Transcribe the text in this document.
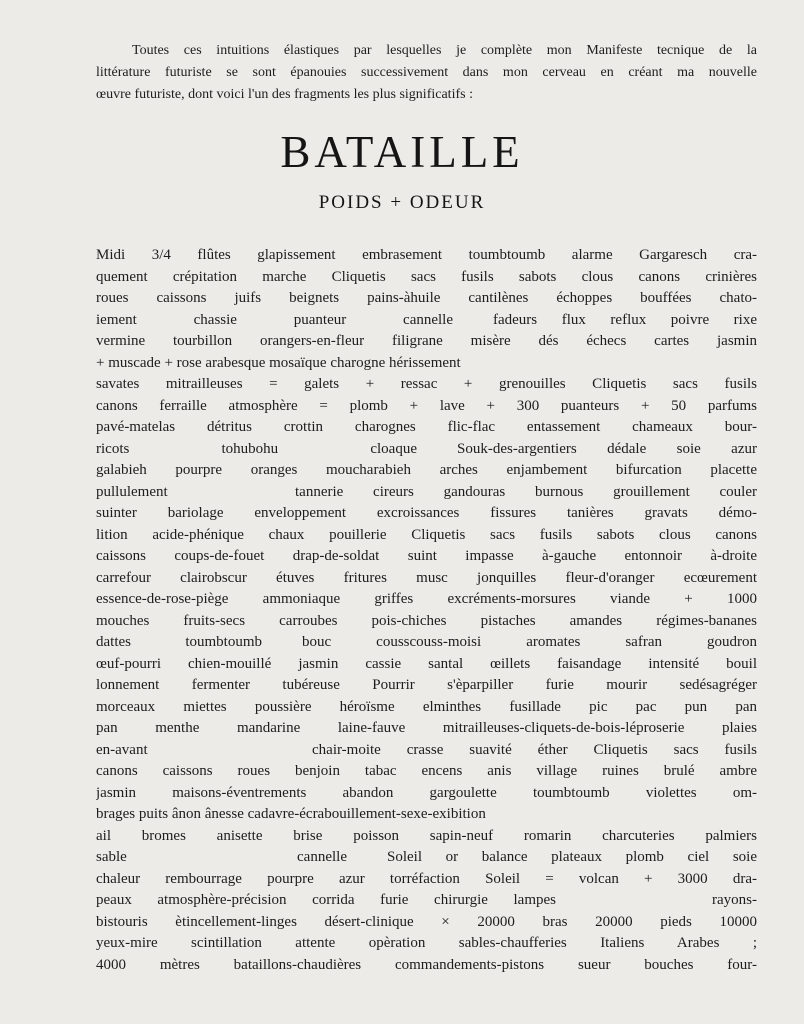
Toutes ces intuitions élastiques par lesquelles je complète mon Manifeste tecnique de la
littérature futuriste se sont épanouies successivement dans mon cerveau en créant ma nouvelle
œuvre futuriste, dont voici l'un des fragments les plus significatifs :
BATAILLE
POIDS + ODEUR
Midi 3/4 flûtes glapissement embrasement toumbtoumb alarme Gargaresch cra-
quement crépitation marche Cliquetis sacs fusils sabots clous canons crinières
roues caissons juifs beignets pains-àhuile cantilènes échoppes bouffées chato-
iement chassie puanteur cannelle	fadeurs flux reflux poivre rixe
vermine tourbillon orangers-en-fleur filigrane misère dés échecs cartes jasmin
+ muscade + rose arabesque mosaïque charogne hérissement
savates mitrailleuses = galets + ressac + grenouilles Cliquetis sacs fusils
canons ferraille atmosphère = plomb + lave + 300 puanteurs + 50 parfums
pavé-matelas détritus crottin charognes flic-flac entassement chameaux bour-
ricots tohubohu cloaque	Souk-des-argentiers dédale soie azur
galabieh pourpre oranges moucharabieh arches enjambement bifurcation placette
pullulement	tannerie cireurs gandouras burnous grouillement couler
suinter bariolage enveloppement excroissances fissures tanières gravats démo-
lition acide-phénique chaux pouillerie Cliquetis sacs fusils sabots clous canons
caissons coups-de-fouet drap-de-soldat suint impasse à-gauche entonnoir à-droite
carrefour clairobscur étuves fritures musc jonquilles fleur-d'oranger ecœurement
essence-de-rose-piège ammoniaque griffes excréments-morsures viande + 1000
mouches fruits-secs carroubes pois-chiches pistaches amandes régimes-bananes
dattes toumbtoumb	bouc cousscouss-moisi aromates safran goudron
œuf-pourri chien-mouillé jasmin cassie santal œillets faisandage intensité bouil
lonnement fermenter tubéreuse Pourrir s'èparpiller furie mourir sedésagréger
morceaux miettes poussière héroïsme elminthes fusillade pic pac pun pan
pan menthe mandarine laine-fauve mitrailleuses-cliquets-de-bois-léproserie plaies
en-avant	chair-moite crasse suavité éther Cliquetis sacs fusils
canons caissons roues benjoin tabac encens anis village ruines brulé ambre
jasmin maisons-éventrements abandon gargoulette toumbtoumb violettes om-
brages puits ânon ânesse cadavre-écrabouillement-sexe-exibition
ail bromes anisette brise poisson sapin-neuf romarin charcuteries palmiers
sable cannelle	Soleil or balance plateaux plomb ciel soie
chaleur rembourrage pourpre azur torréfaction Soleil = volcan + 3000 dra-
peaux atmosphère-précision corrida furie chirurgie lampes	rayons-
bistouris ètincellement-linges désert-clinique × 20000 bras 20000 pieds 10000
yeux-mire scintillation attente opèration sables-chaufferies Italiens Arabes ;
4000 mètres bataillons-chaudières commandements-pistons sueur bouches four-
